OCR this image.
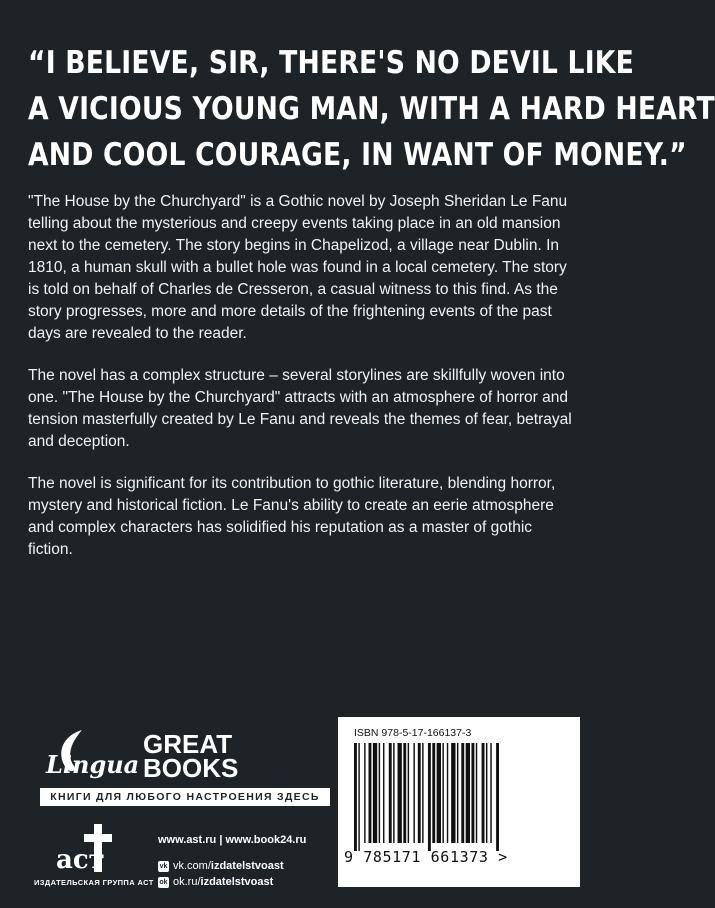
“I BELIEVE, SIR, THERE'S NO DEVIL LIKE
A VICIOUS YOUNG MAN, WITH A HARD HEART
AND COOL COURAGE, IN WANT OF MONEY.”

"The House by the Churchyard" is a Gothic novel by Joseph Sheridan Le Fanu telling about the mysterious and creepy events taking place in an old mansion next to the cemetery. The story begins in Chapelizod, a village near Dublin. In 1810, a human skull with a bullet hole was found in a local cemetery. The story is told on behalf of Charles de Cresseron, a casual witness to this find. As the story progresses, more and more details of the frightening events of the past days are revealed to the reader.

The novel has a complex structure – several storylines are skillfully woven into one. "The House by the Churchyard" attracts with an atmosphere of horror and tension masterfully created by Le Fanu and reveals the themes of fear, betrayal and deception.

The novel is significant for its contribution to gothic literature, blending horror, mystery and historical fiction. Le Fanu's ability to create an eerie atmosphere and complex characters has solidified his reputation as a master of gothic fiction.

Lingua
GREAT
BOOKS
КНИГИ ДЛЯ ЛЮБОГО НАСТРОЕНИЯ ЗДЕСЬ
аст
ИЗДАТЕЛЬСКАЯ ГРУППА АСТ
www.ast.ru
|
www.book24.ru
vk vk.com/ izdatelstvoast
ok ok.ru/ izdatelstvoast
ISBN 978-5-17-166137-3
9 785171 661373 >
